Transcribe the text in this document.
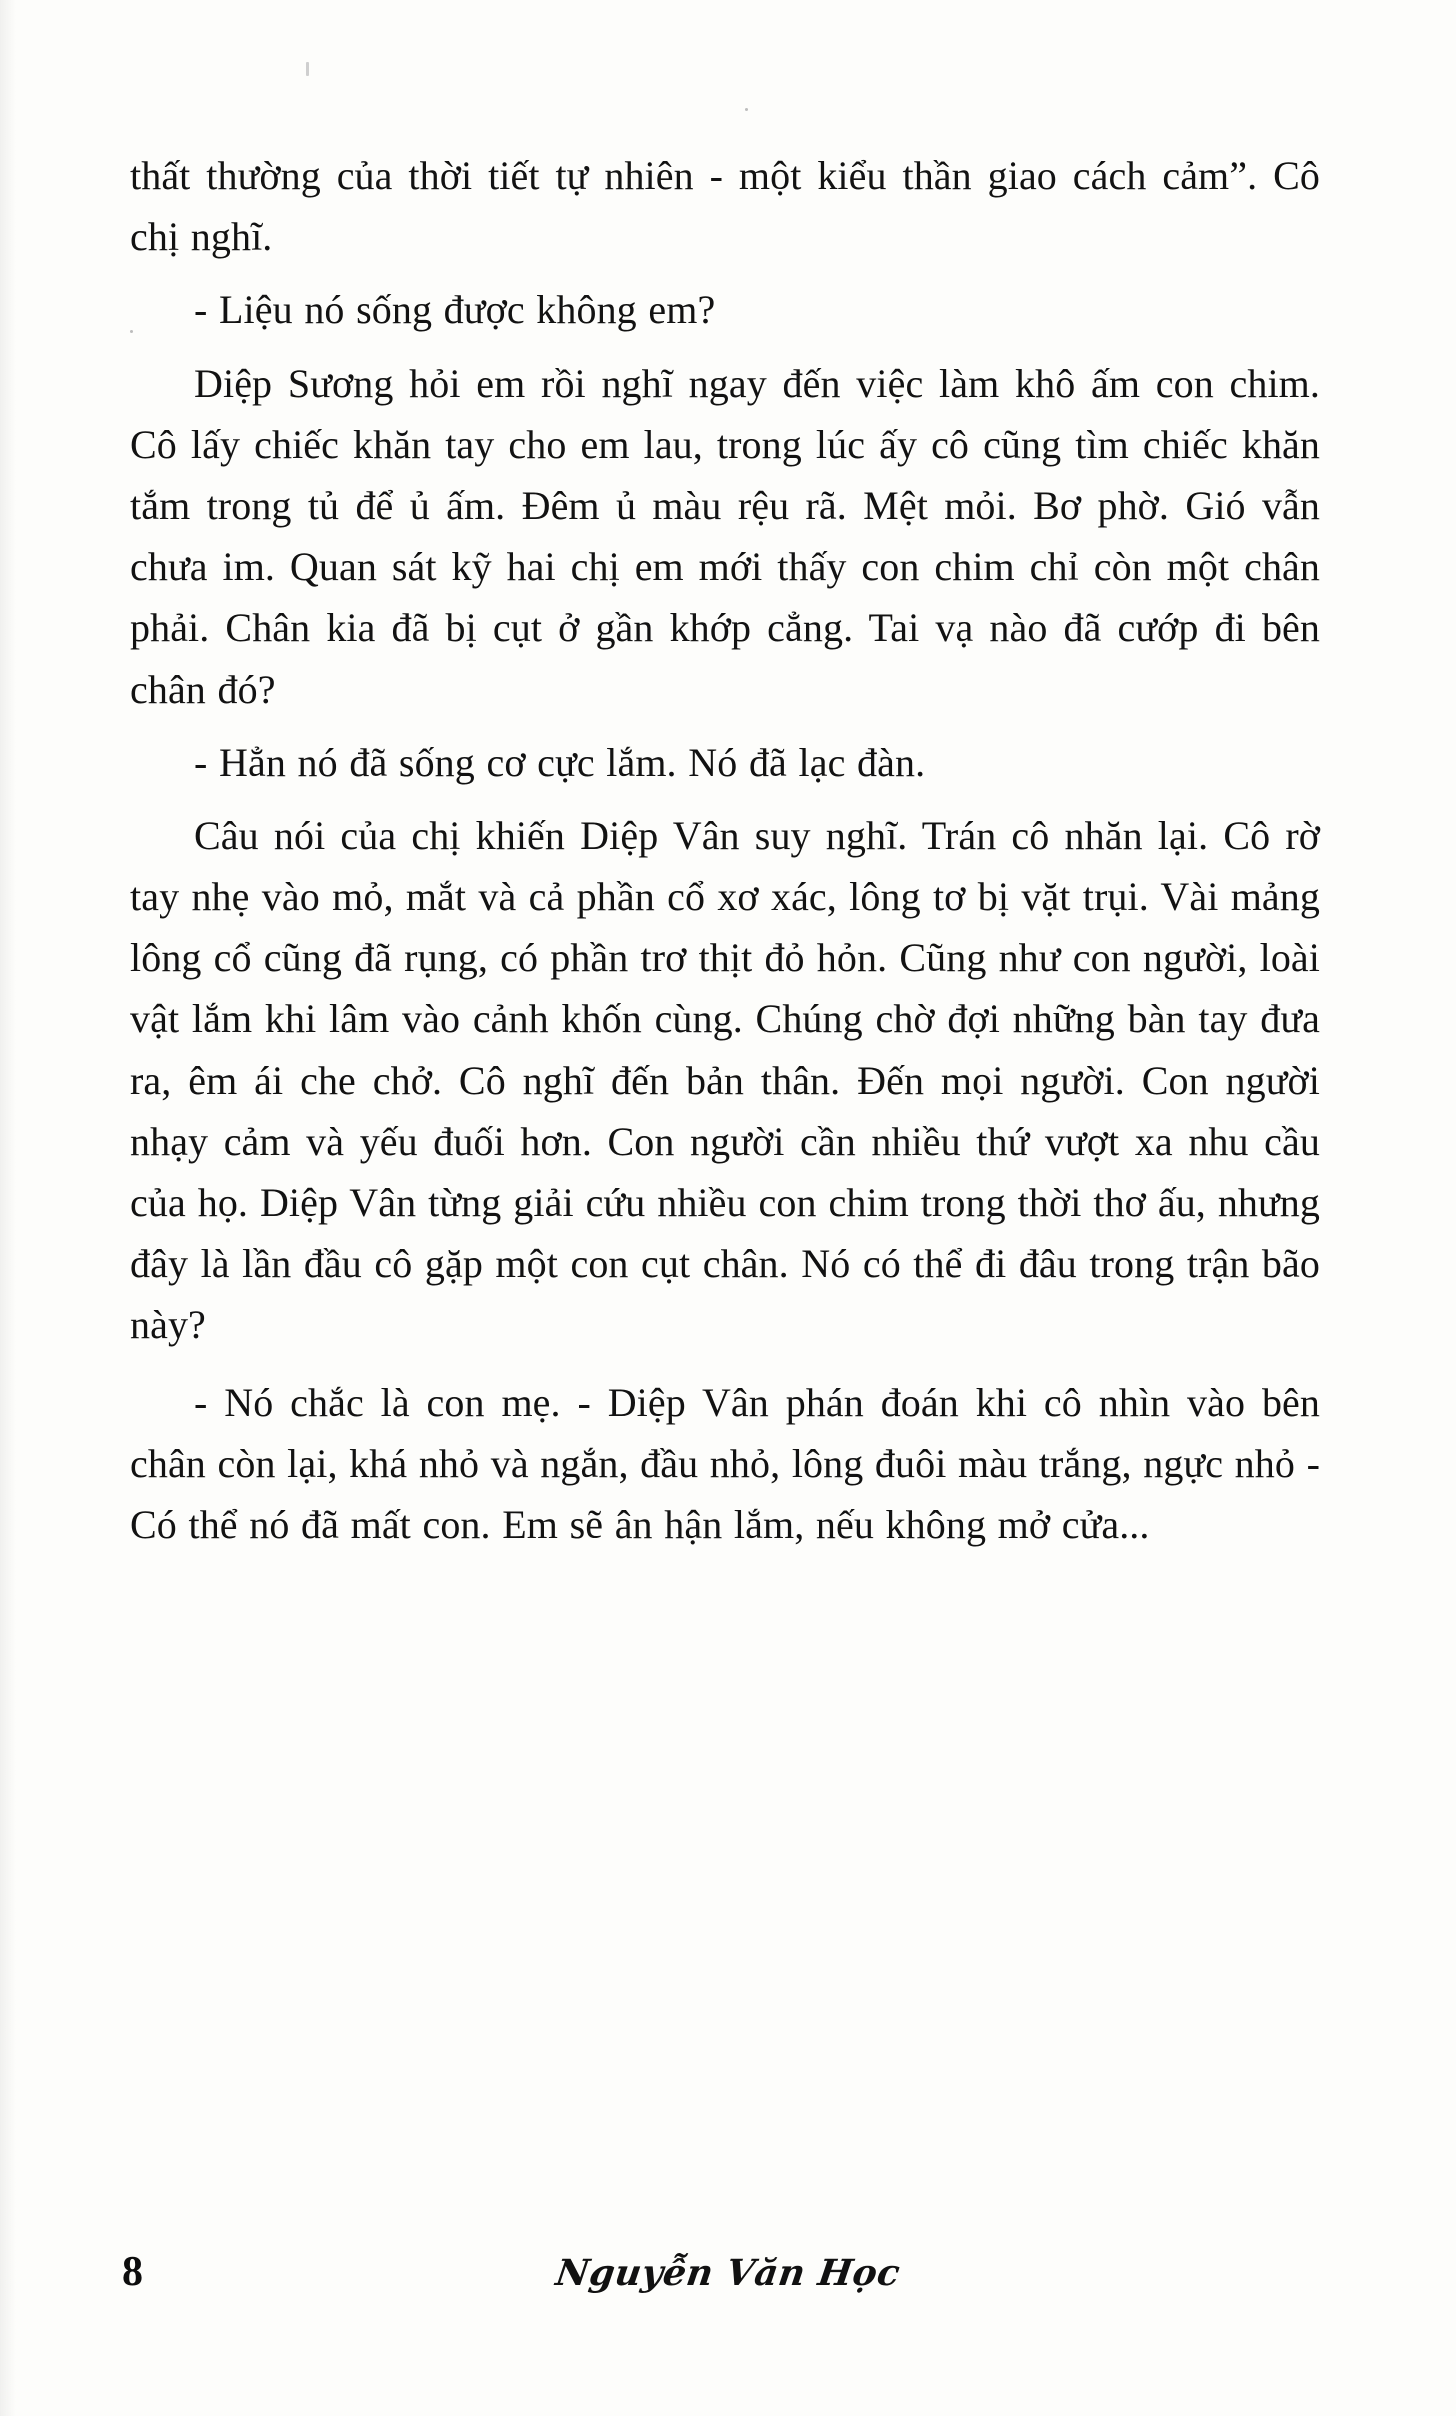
thất thường của thời tiết tự nhiên - một kiểu thần giao cách cảm”. Cô chị nghĩ.

- Liệu nó sống được không em?

Diệp Sương hỏi em rồi nghĩ ngay đến việc làm khô ấm con chim. Cô lấy chiếc khăn tay cho em lau, trong lúc ấy cô cũng tìm chiếc khăn tắm trong tủ để ủ ấm. Đêm ủ màu rệu rã. Mệt mỏi. Bơ phờ. Gió vẫn chưa im. Quan sát kỹ hai chị em mới thấy con chim chỉ còn một chân phải. Chân kia đã bị cụt ở gần khớp cẳng. Tai vạ nào đã cướp đi bên chân đó?

- Hẳn nó đã sống cơ cực lắm. Nó đã lạc đàn.

Câu nói của chị khiến Diệp Vân suy nghĩ. Trán cô nhăn lại. Cô rờ tay nhẹ vào mỏ, mắt và cả phần cổ xơ xác, lông tơ bị vặt trụi. Vài mảng lông cổ cũng đã rụng, có phần trơ thịt đỏ hỏn. Cũng như con người, loài vật lắm khi lâm vào cảnh khốn cùng. Chúng chờ đợi những bàn tay đưa ra, êm ái che chở. Cô nghĩ đến bản thân. Đến mọi người. Con người nhạy cảm và yếu đuối hơn. Con người cần nhiều thứ vượt xa nhu cầu của họ. Diệp Vân từng giải cứu nhiều con chim trong thời thơ ấu, nhưng đây là lần đầu cô gặp một con cụt chân. Nó có thể đi đâu trong trận bão này?

- Nó chắc là con mẹ. - Diệp Vân phán đoán khi cô nhìn vào bên chân còn lại, khá nhỏ và ngắn, đầu nhỏ, lông đuôi màu trắng, ngực nhỏ - Có thể nó đã mất con. Em sẽ ân hận lắm, nếu không mở cửa...

8	Nguyễn Văn Học
